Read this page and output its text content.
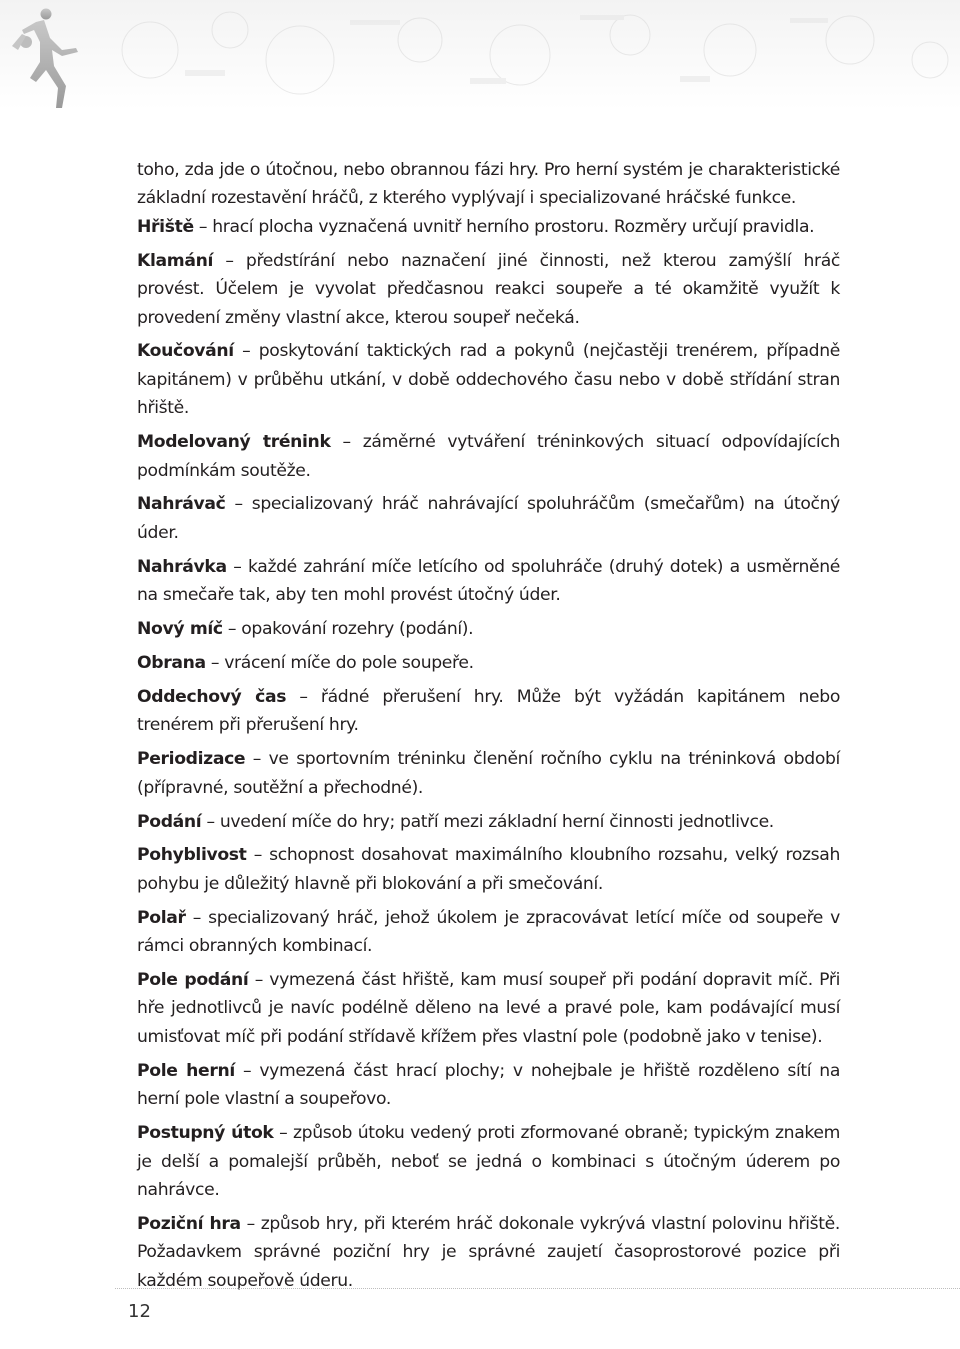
toho, zda jde o útočnou, nebo obrannou fázi hry. Pro herní systém je charakteristické základní rozestavění hráčů, z kterého vyplývají i specializované hráčské funkce.

Hřiště – hrací plocha vyznačená uvnitř herního prostoru. Rozměry určují pravidla.

Klamání – předstírání nebo naznačení jiné činnosti, než kterou zamýšlí hráč provést. Účelem je vyvolat předčasnou reakci soupeře a té okamžitě využít k provedení změny vlastní akce, kterou soupeř nečeká.

Koučování – poskytování taktických rad a pokynů (nejčastěji trenérem, případně kapitánem) v průběhu utkání, v době oddechového času nebo v době střídání stran hřiště.

Modelovaný trénink – záměrné vytváření tréninkových situací odpovídajících podmínkám soutěže.

Nahrávač – specializovaný hráč nahrávající spoluhráčům (smečařům) na útočný úder.

Nahrávka – každé zahrání míče letícího od spoluhráče (druhý dotek) a usměrněné na smečaře tak, aby ten mohl provést útočný úder.

Nový míč – opakování rozehry (podání).

Obrana – vrácení míče do pole soupeře.

Oddechový čas – řádné přerušení hry. Může být vyžádán kapitánem nebo trenérem při přerušení hry.

Periodizace – ve sportovním tréninku členění ročního cyklu na tréninková období (přípravné, soutěžní a přechodné).

Podání – uvedení míče do hry; patří mezi základní herní činnosti jednotlivce.

Pohyblivost – schopnost dosahovat maximálního kloubního rozsahu, velký rozsah pohybu je důležitý hlavně při blokování a při smečování.

Polař – specializovaný hráč, jehož úkolem je zpracovávat letící míče od soupeře v rámci obranných kombinací.

Pole podání – vymezená část hřiště, kam musí soupeř při podání dopravit míč. Při hře jednotlivců je navíc podélně děleno na levé a pravé pole, kam podávající musí umisťovat míč při podání střídavě křížem přes vlastní pole (podobně jako v tenise).

Pole herní – vymezená část hrací plochy; v nohejbale je hřiště rozděleno sítí na herní pole vlastní a soupeřovo.

Postupný útok – způsob útoku vedený proti zformované obraně; typickým znakem je delší a pomalejší průběh, neboť se jedná o kombinaci s útočným úderem po nahrávce.

Poziční hra – způsob hry, při kterém hráč dokonale vykrývá vlastní polovinu hřiště. Požadavkem správné poziční hry je správné zaujetí časoprostorové pozice při každém soupeřově úderu.

12
